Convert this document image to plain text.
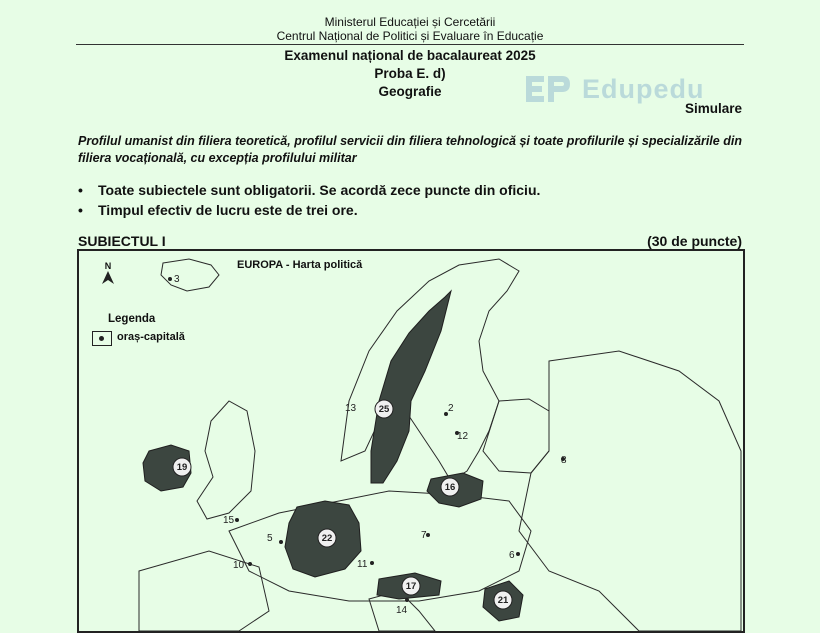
Ministerul Educației și Cercetării
Centrul Național de Politici și Evaluare în Educație
Examenul național de bacalaureat 2025
Proba E. d)
Geografie	Edupedu
Simulare
Profilul umanist din filiera teoretică, profilul servicii din filiera tehnologică și toate profilurile și specializările din filiera vocațională, cu excepția profilului militar
• Toate subiectele sunt obligatorii. Se acordă zece puncte din oficiu.
• Timpul efectiv de lucru este de trei ore.
SUBIECTUL I	(30 de puncte)
3
2
13
12
8
15
5	7
6
10	11
14
25
19
16
22
17
21
N	EUROPA - Harta politică
Legenda
oraș-capitală
